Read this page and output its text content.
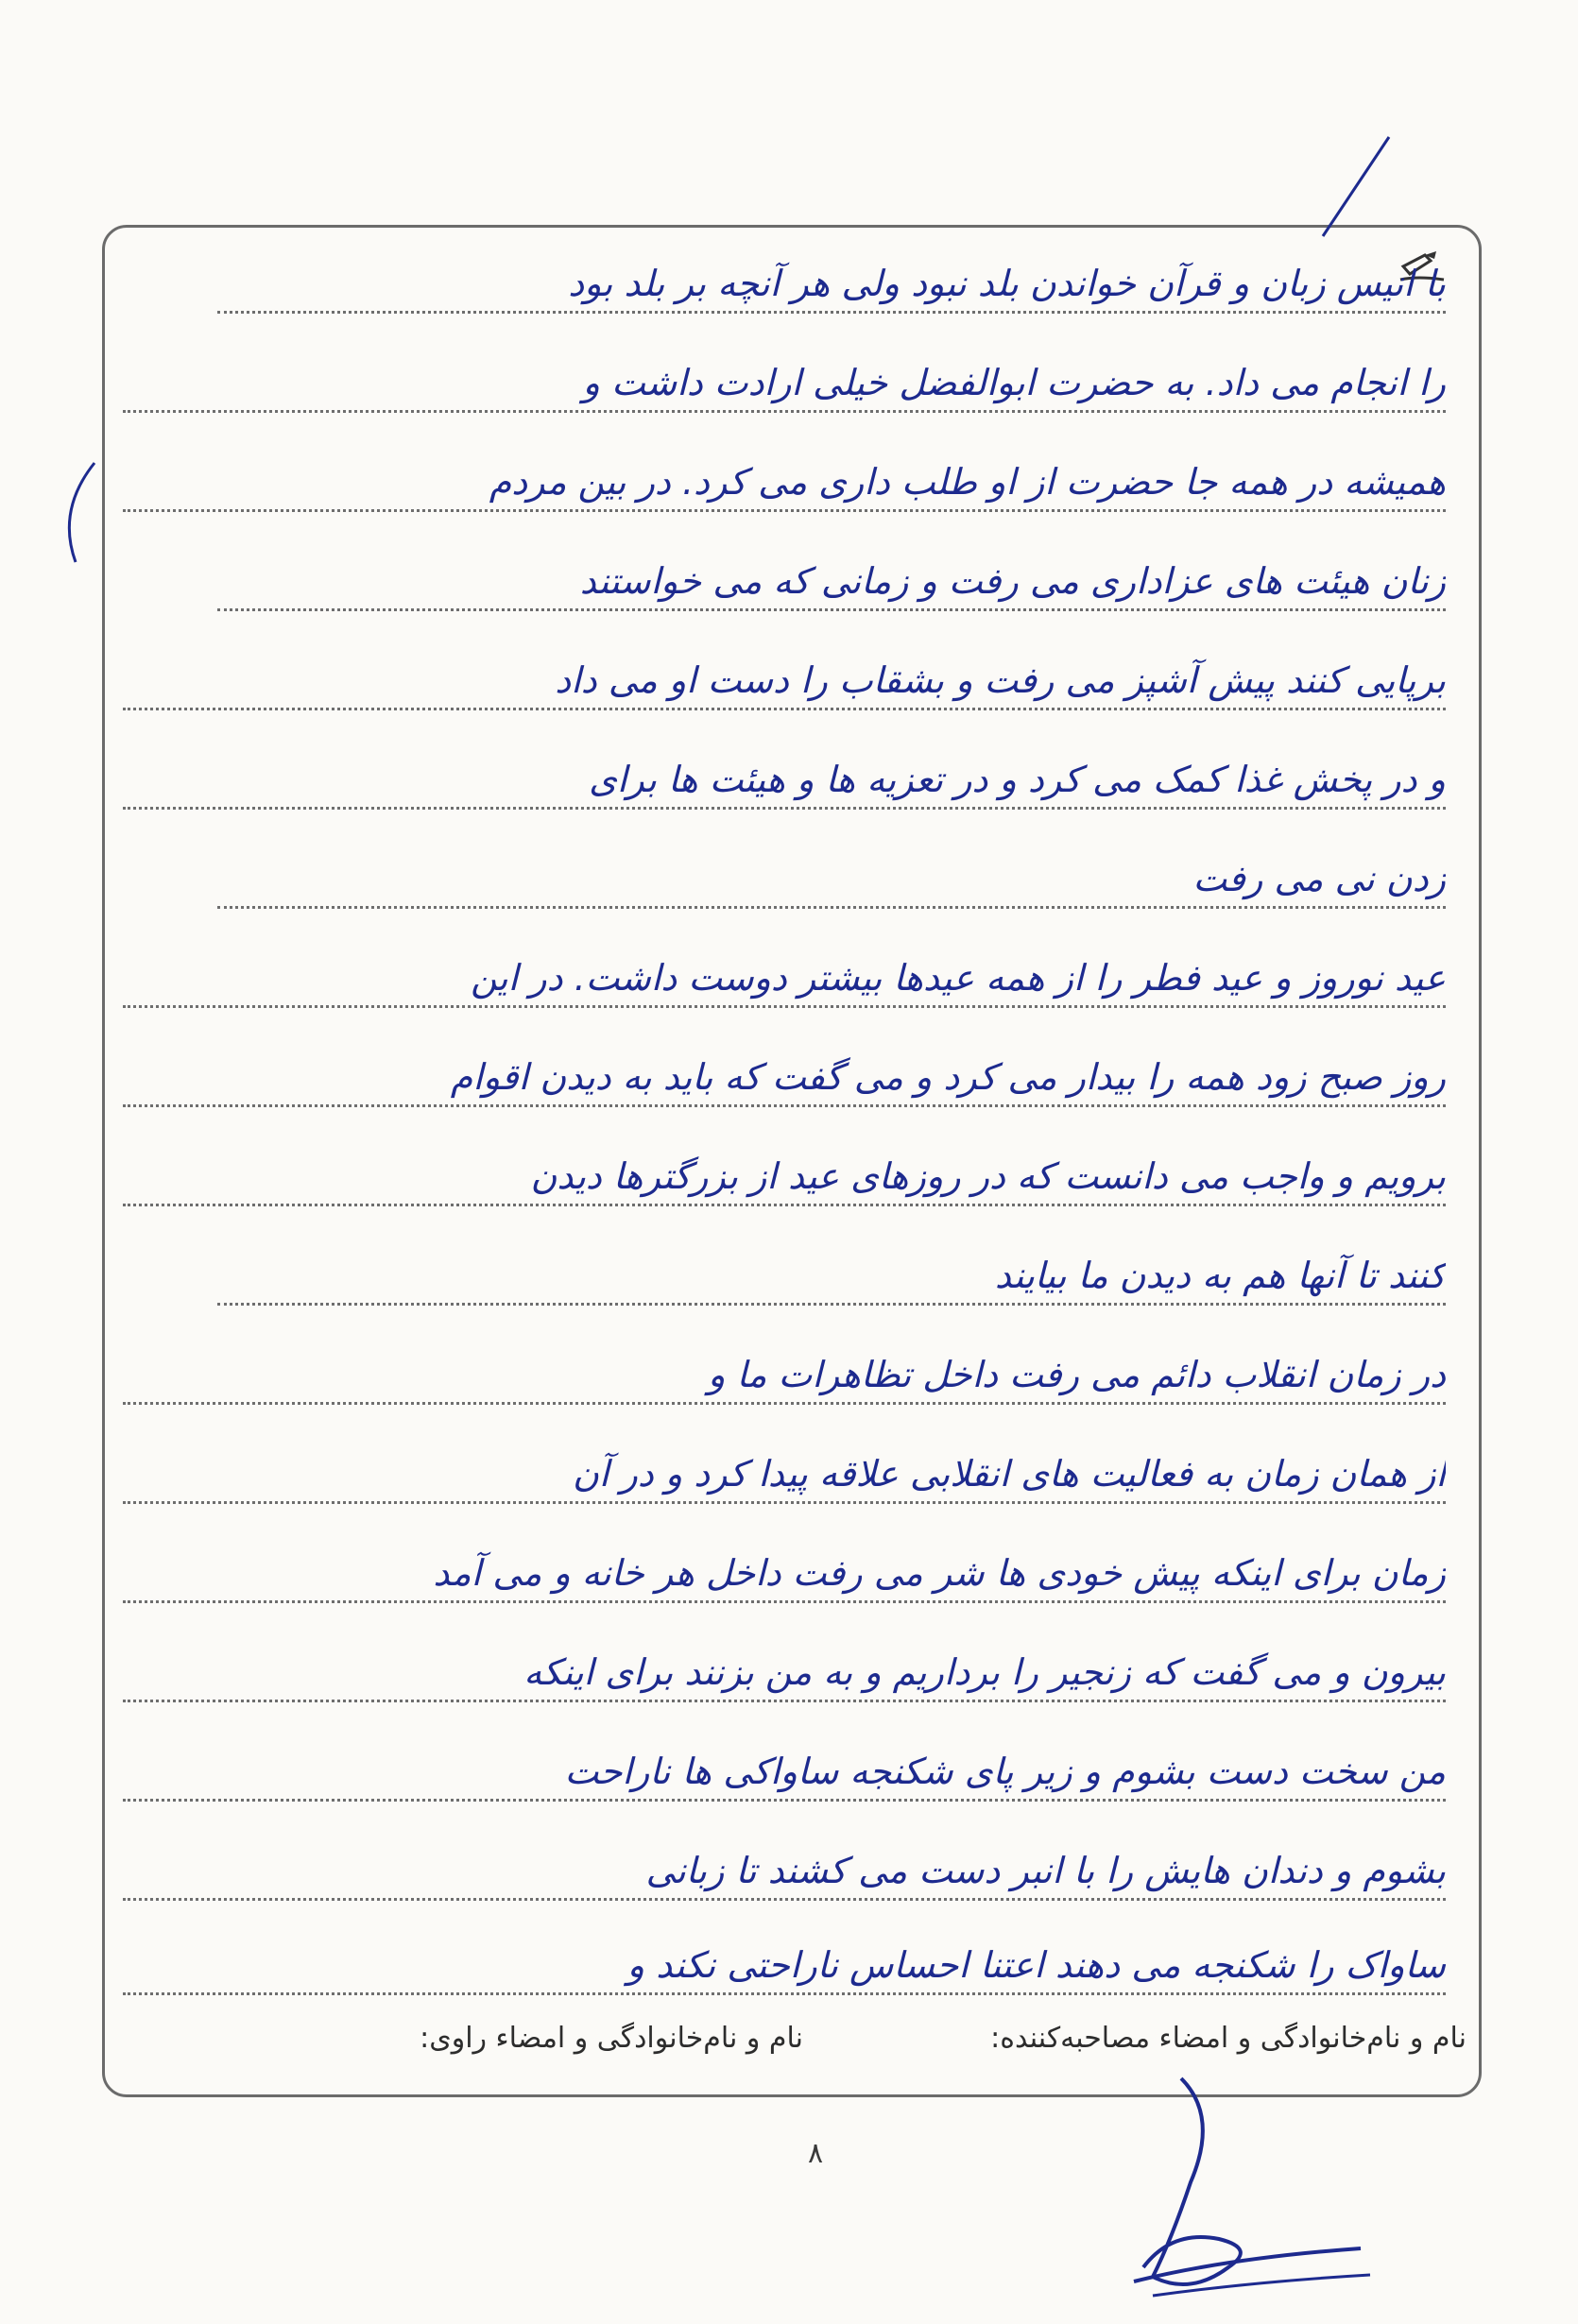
با انیس زبان و قرآن خواندن بلد نبود ولی هر آنچه بر بلد بود
را انجام می داد. به حضرت ابوالفضل خیلی ارادت داشت و
همیشه در همه جا حضرت از او طلب داری می کرد. در بین مردم
زنان هیئت های عزاداری می رفت و زمانی که می خواستند
برپایی کنند پیش آشپز می رفت و بشقاب را دست او می داد
و در پخش غذا کمک می کرد و در تعزیه ها و هیئت ها برای
زدن نی می رفت
عید نوروز و عید فطر را از همه عیدها بیشتر دوست داشت. در این
روز صبح زود همه را بیدار می کرد و می گفت که باید به دیدن اقوام
برویم و واجب می دانست که در روزهای عید از بزرگترها دیدن
کنند تا آنها هم به دیدن ما بیایند
در زمان انقلاب دائم می رفت داخل تظاهرات ما و
از همان زمان به فعالیت های انقلابی علاقه پیدا کرد و در آن
زمان برای اینکه پیش خودی ها شر می رفت داخل هر خانه و می آمد
بیرون و می گفت که زنجیر را برداریم و به من بزنند برای اینکه
من سخت دست بشوم و زیر پای شکنجه ساواکی ها ناراحت
بشوم و دندان هایش را با انبر دست می کشند تا زبانی
ساواک را شکنجه می دهند اعتنا احساس ناراحتی نکند و
نام و نام‌خانوادگی و امضاء مصاحبه‌کننده:
نام و نام‌خانوادگی و امضاء راوی:
۸
